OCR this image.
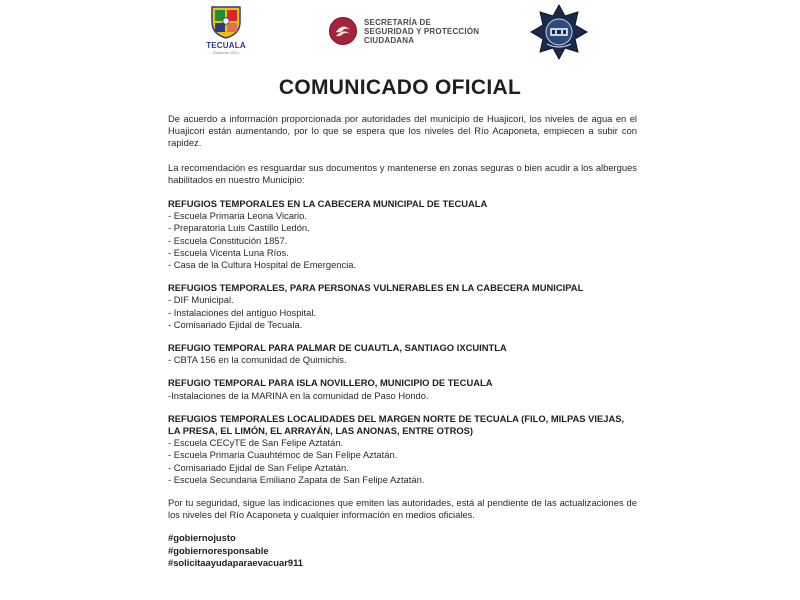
TECUALA
Gobierno 2021
SECRETARÍA DE
SEGURIDAD Y PROTECCIÓN
CIUDADANA
COMUNICADO OFICIAL

De acuerdo a información proporcionada por autoridades del municipio de Huajicori, los niveles de agua en el Huajicori están aumentando, por lo que se espera que los niveles del Río Acaponeta, empiecen a subir con rapidez.

La recomendación es resguardar sus documentos y mantenerse en zonas seguras o bien acudir a los albergues habilitados en nuestro Municipio:

REFUGIOS TEMPORALES EN LA CABECERA MUNICIPAL DE TECUALA

- Escuela Primaria Leona Vicario.

- Preparatoria Luis Castillo Ledón.

- Escuela Constitución 1857.

- Escuela Vicenta Luna Ríos.

- Casa de la Cultura Hospital de Emergencia.

REFUGIOS TEMPORALES, PARA PERSONAS VULNERABLES EN LA CABECERA MUNICIPAL

- DIF Municipal.

- Instalaciones del antiguo Hospital.

- Comisariado Ejidal de Tecuala.

REFUGIO TEMPORAL PARA PALMAR DE CUAUTLA, SANTIAGO IXCUINTLA

- CBTA 156 en la comunidad de Quimichis.

REFUGIO TEMPORAL PARA ISLA NOVILLERO, MUNICIPIO DE TECUALA

-Instalaciones de la MARINA en la comunidad de Paso Hondo.

REFUGIOS TEMPORALES LOCALIDADES DEL MARGEN NORTE DE TECUALA (FILO, MILPAS VIEJAS, LA PRESA, EL LIMÓN, EL ARRAYÁN, LAS ANONAS, ENTRE OTROS)

- Escuela CECyTE de San Felipe Aztatán.

- Escuela Primaria Cuauhtémoc de San Felipe Aztatán.

- Comisariado Ejidal de San Felipe Aztatán.

- Escuela Secundaria Emiliano Zapata de San Felipe Aztatán.

Por tu seguridad, sigue las indicaciones que emiten las autoridades, está al pendiente de las actualizaciones de los niveles del Río Acaponeta y cualquier información en medios oficiales.

#gobiernojusto

#gobiernoresponsable

#solicitaayudaparaevacuar911
